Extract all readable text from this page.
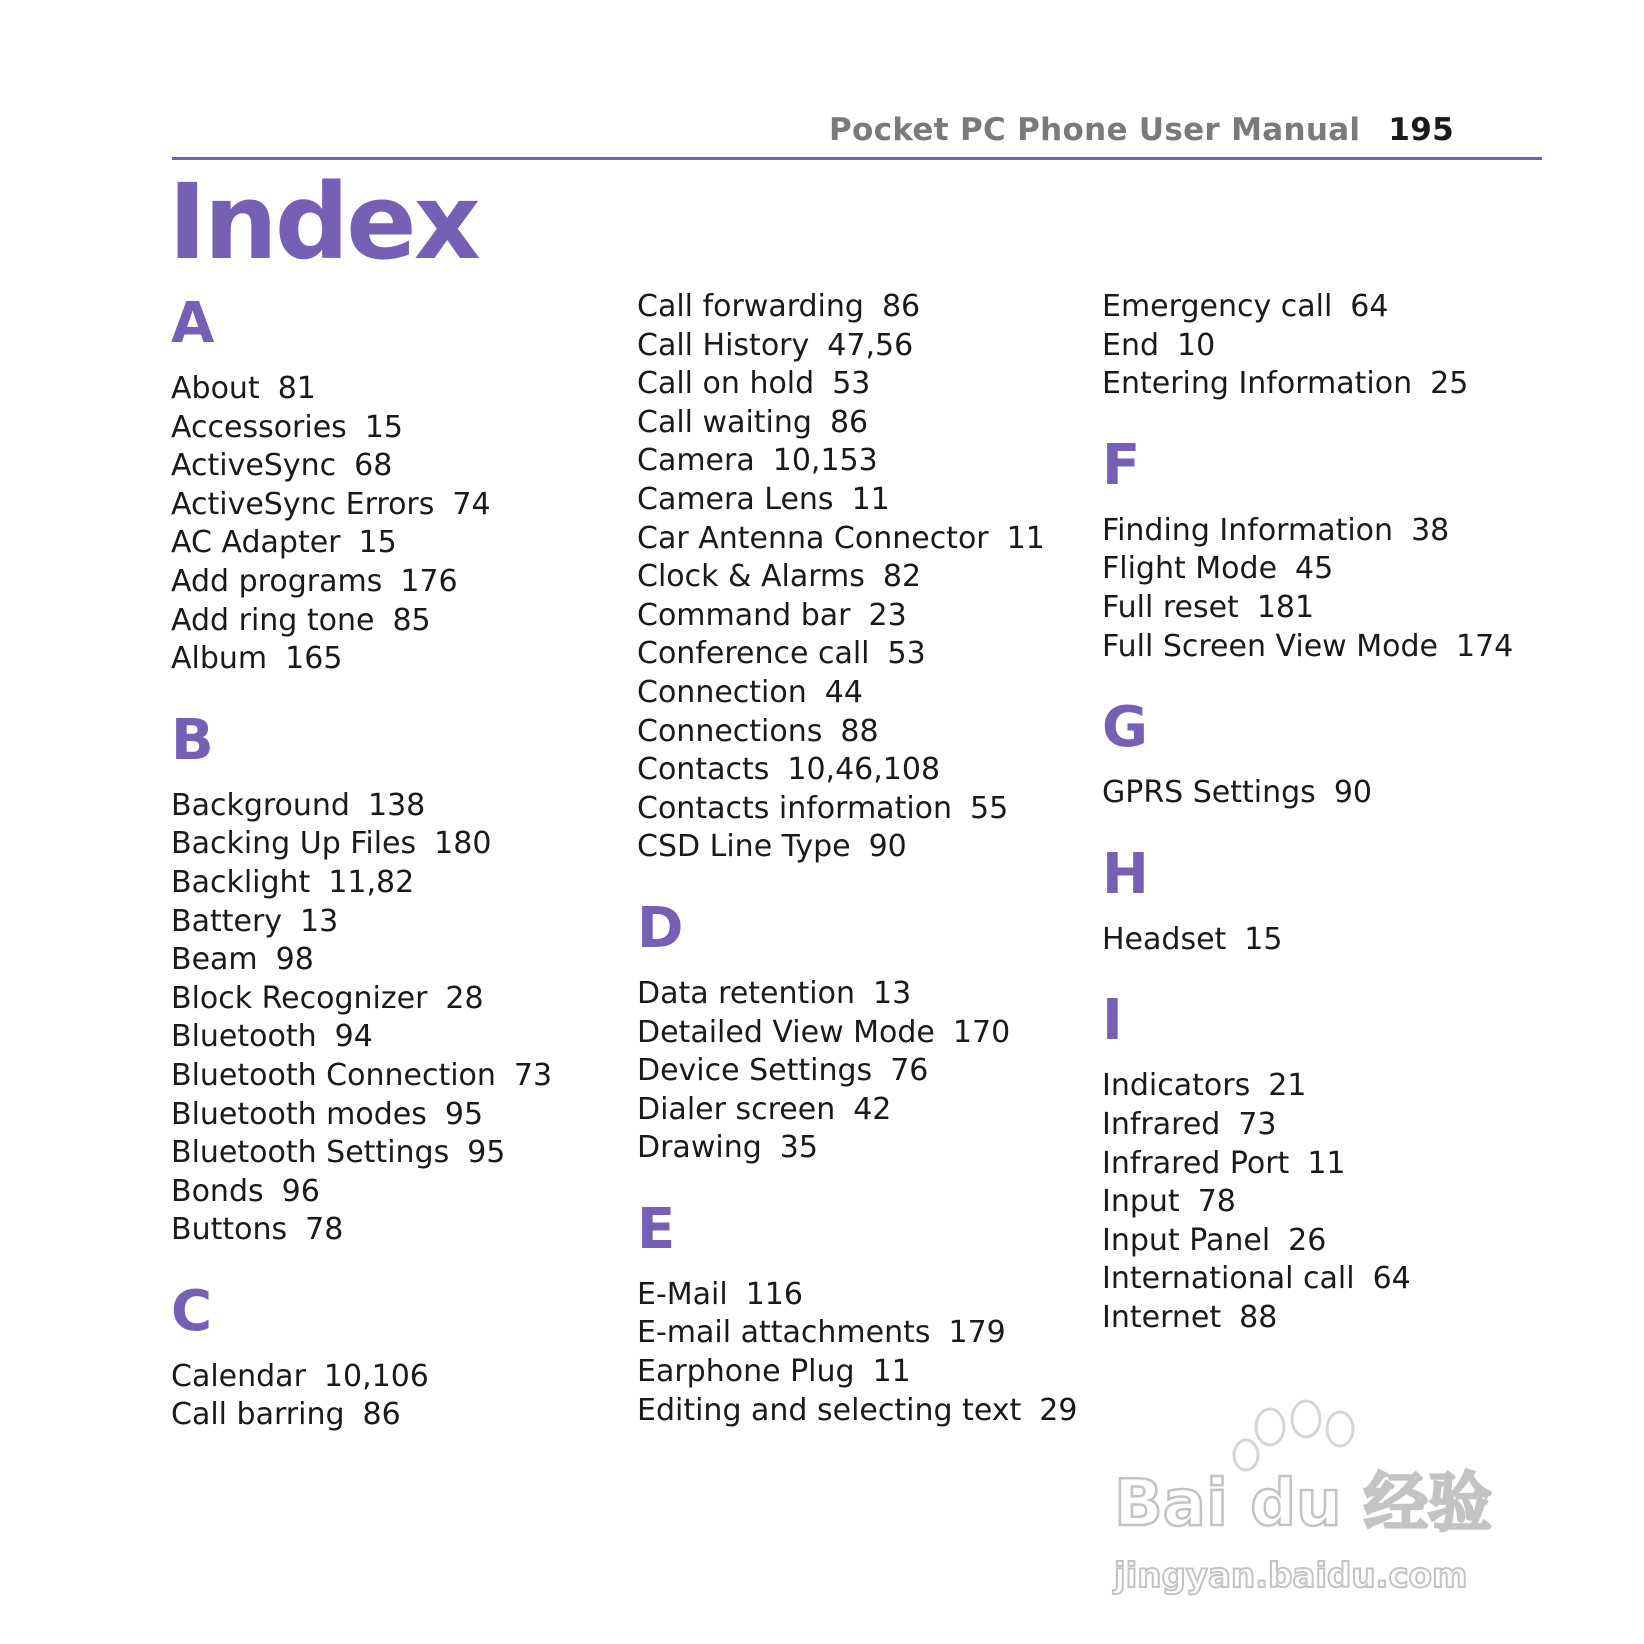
Pocket PC Phone User Manual 195
Index
A
About 81
Accessories 15
ActiveSync 68
ActiveSync Errors 74
AC Adapter 15
Add programs 176
Add ring tone 85
Album 165
B
Background 138
Backing Up Files 180
Backlight 11,82
Battery 13
Beam 98
Block Recognizer 28
Bluetooth 94
Bluetooth Connection 73
Bluetooth modes 95
Bluetooth Settings 95
Bonds 96
Buttons 78
C
Calendar 10,106
Call barring 86
Call forwarding 86
Call History 47,56
Call on hold 53
Call waiting 86
Camera 10,153
Camera Lens 11
Car Antenna Connector 11
Clock & Alarms 82
Command bar 23
Conference call 53
Connection 44
Connections 88
Contacts 10,46,108
Contacts information 55
CSD Line Type 90
D
Data retention 13
Detailed View Mode 170
Device Settings 76
Dialer screen 42
Drawing 35
E
E-Mail 116
E-mail attachments 179
Earphone Plug 11
Editing and selecting text 29
Emergency call 64
End 10
Entering Information 25
F
Finding Information 38
Flight Mode 45
Full reset 181
Full Screen View Mode 174
G
GPRS Settings 90
H
Headset 15
I
Indicators 21
Infrared 73
Infrared Port 11
Input 78
Input Panel 26
International call 64
Internet 88
Bai du 经验
jingyan.baidu.com
